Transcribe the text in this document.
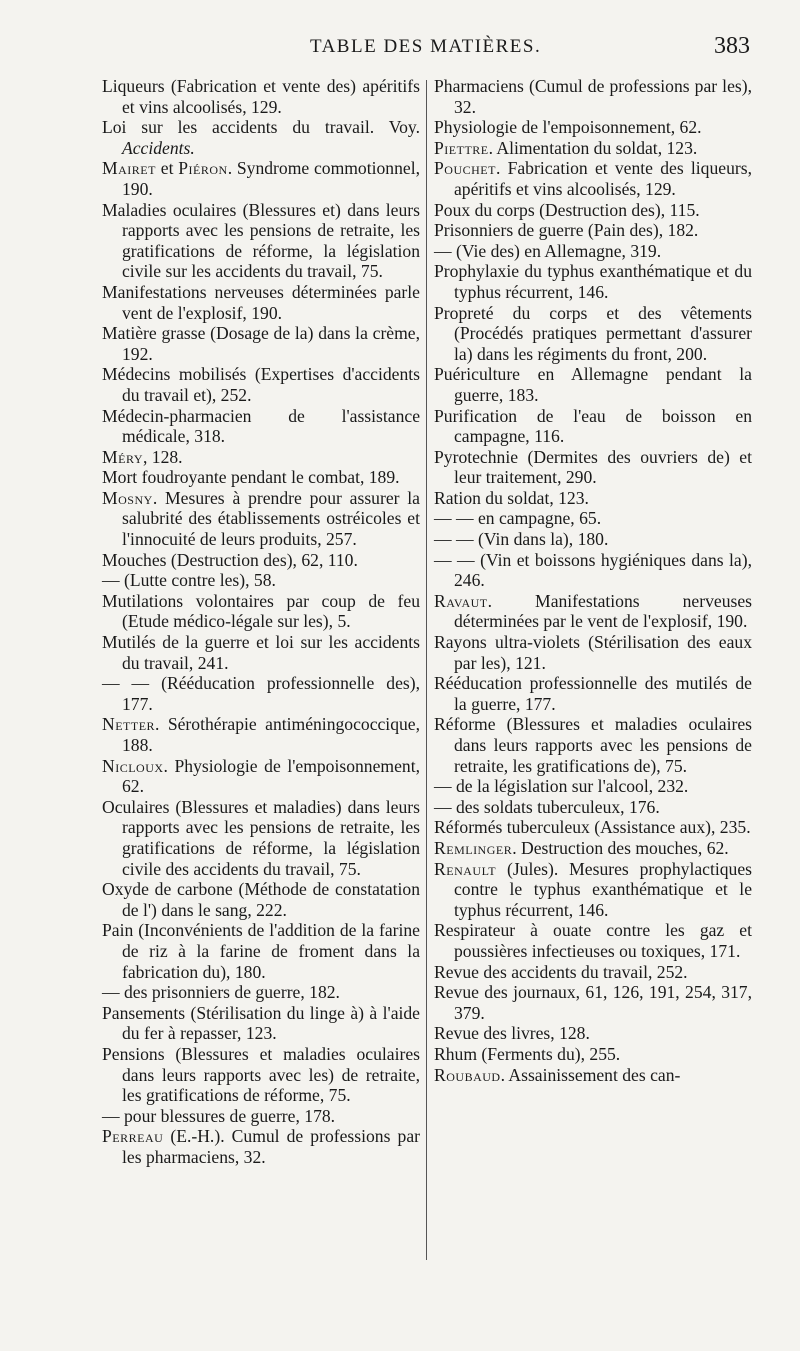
TABLE DES MATIÈRES.	383

Liqueurs (Fabrication et vente des) apéritifs et vins alcoolisés, 129.

Loi sur les accidents du travail. Voy. Accidents.

Mairet et Piéron. Syndrome commotionnel, 190.

Maladies oculaires (Blessures et) dans leurs rapports avec les pensions de retraite, les gratifications de réforme, la législation civile sur les accidents du travail, 75.

Manifestations nerveuses déterminées parle vent de l'explosif, 190.

Matière grasse (Dosage de la) dans la crème, 192.

Médecins mobilisés (Expertises d'accidents du travail et), 252.

Médecin-pharmacien de l'assistance médicale, 318.

Méry, 128.

Mort foudroyante pendant le combat, 189.

Mosny. Mesures à prendre pour assurer la salubrité des établissements ostréicoles et l'innocuité de leurs produits, 257.

Mouches (Destruction des), 62, 110.

— (Lutte contre les), 58.

Mutilations volontaires par coup de feu (Etude médico-légale sur les), 5.

Mutilés de la guerre et loi sur les accidents du travail, 241.

— — (Rééducation professionnelle des), 177.

Netter. Sérothérapie antiméningococcique, 188.

Nicloux. Physiologie de l'empoisonnement, 62.

Oculaires (Blessures et maladies) dans leurs rapports avec les pensions de retraite, les gratifications de réforme, la législation civile des accidents du travail, 75.

Oxyde de carbone (Méthode de constatation de l') dans le sang, 222.

Pain (Inconvénients de l'addition de la farine de riz à la farine de froment dans la fabrication du), 180.

— des prisonniers de guerre, 182.

Pansements (Stérilisation du linge à) à l'aide du fer à repasser, 123.

Pensions (Blessures et maladies oculaires dans leurs rapports avec les) de retraite, les gratifications de réforme, 75.

— pour blessures de guerre, 178.

Perreau (E.-H.). Cumul de professions par les pharmaciens, 32.

Pharmaciens (Cumul de professions par les), 32.

Physiologie de l'empoisonnement, 62.

Piettre. Alimentation du soldat, 123.

Pouchet. Fabrication et vente des liqueurs, apéritifs et vins alcoolisés, 129.

Poux du corps (Destruction des), 115.

Prisonniers de guerre (Pain des), 182.

— (Vie des) en Allemagne, 319.

Prophylaxie du typhus exanthématique et du typhus récurrent, 146.

Propreté du corps et des vêtements (Procédés pratiques permettant d'assurer la) dans les régiments du front, 200.

Puériculture en Allemagne pendant la guerre, 183.

Purification de l'eau de boisson en campagne, 116.

Pyrotechnie (Dermites des ouvriers de) et leur traitement, 290.

Ration du soldat, 123.

— — en campagne, 65.

— — (Vin dans la), 180.

— — (Vin et boissons hygiéniques dans la), 246.

Ravaut. Manifestations nerveuses déterminées par le vent de l'explosif, 190.

Rayons ultra-violets (Stérilisation des eaux par les), 121.

Rééducation professionnelle des mutilés de la guerre, 177.

Réforme (Blessures et maladies oculaires dans leurs rapports avec les pensions de retraite, les gratifications de), 75.

— de la législation sur l'alcool, 232.

— des soldats tuberculeux, 176.

Réformés tuberculeux (Assistance aux), 235.

Remlinger. Destruction des mouches, 62.

Renault (Jules). Mesures prophylactiques contre le typhus exanthématique et le typhus récurrent, 146.

Respirateur à ouate contre les gaz et poussières infectieuses ou toxiques, 171.

Revue des accidents du travail, 252.

Revue des journaux, 61, 126, 191, 254, 317, 379.

Revue des livres, 128.

Rhum (Ferments du), 255.

Roubaud. Assainissement des can-
